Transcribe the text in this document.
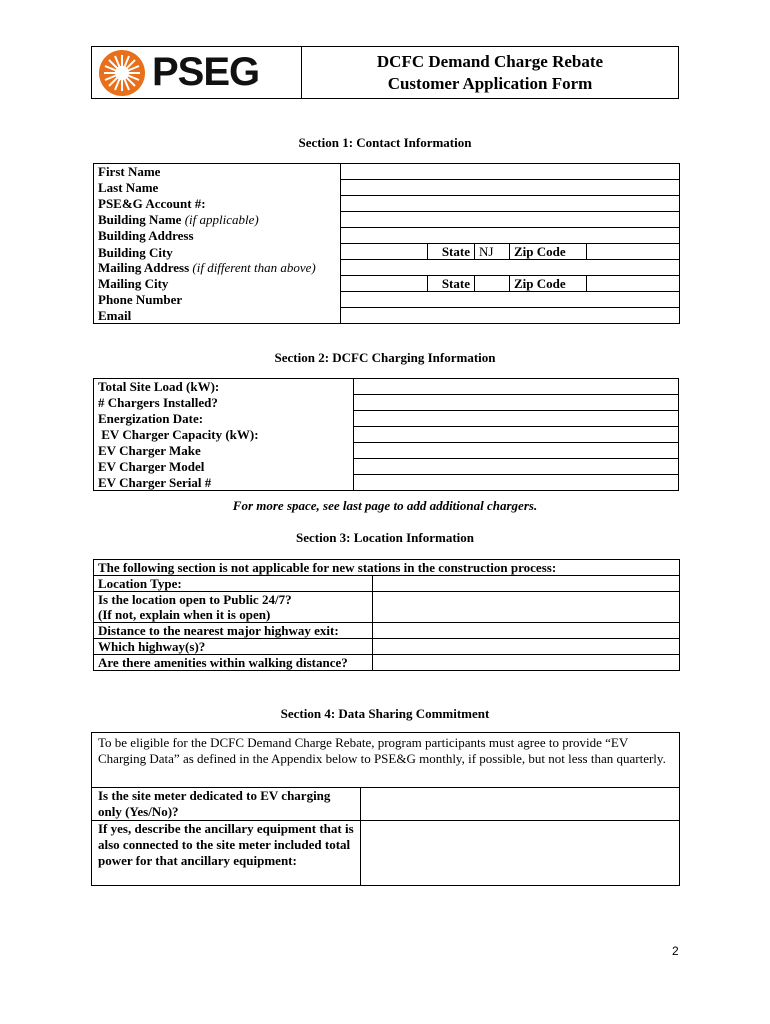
PSEG	DCFC Demand Charge Rebate
Customer Application Form
Section 1: Contact Information
First Name	
Last Name	
PSE&G Account #:	
Building Name (if applicable)	
Building Address	
Building City	State NJ Zip Code

Mailing Address (if different than above)	
Mailing City	State Zip Code

Phone Number	
Email	
Section 2: DCFC Charging Information
Total Site Load (kW):	
# Chargers Installed?	
Energization Date:	
EV Charger Capacity (kW):	
EV Charger Make	
EV Charger Model	
EV Charger Serial #	
For more space, see last page to add additional chargers.
Section 3: Location Information
The following section is not applicable for new stations in the construction process:	
Location Type:	
Is the location open to Public 24/7?	
(If not, explain when it is open)	
Distance to the nearest major highway exit:	
Which highway(s)?	
Are there amenities within walking distance?	
Section 4: Data Sharing Commitment
To be eligible for the DCFC Demand Charge Rebate, program participants must agree to provide “EV Charging Data” as defined in the Appendix below to PSE&G monthly, if possible, but not less than quarterly.	
Is the site meter dedicated to EV charging only (Yes/No)?	
If yes, describe the ancillary equipment that is also connected to the site meter included total power for that ancillary equipment:	
2
